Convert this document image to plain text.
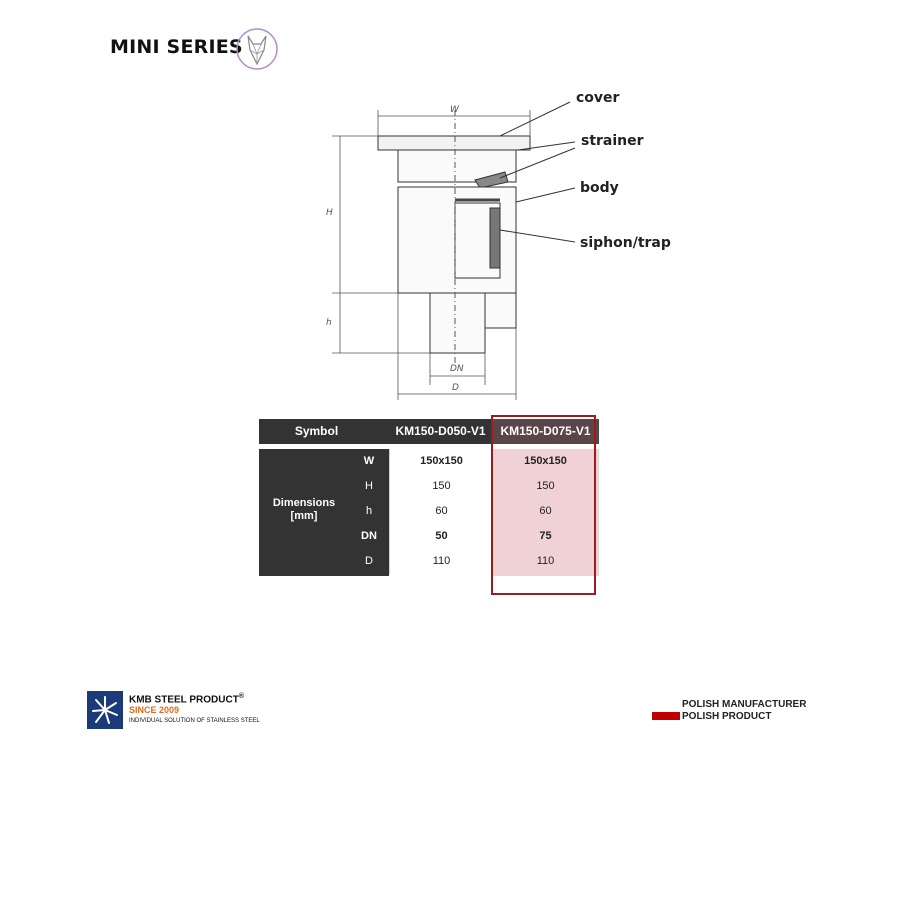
MINI SERIES
W
H
h
DN
D
cover
strainer
body
siphon/trap
Symbol	KM150-D050-V1	KM150-D075-V1
Dimensions [mm]
W	150x150	150x150
H	150	150
h	60	60
DN	50	75
D	110	110
KMB STEEL PRODUCT®
SINCE 2009
INDIVIDUAL SOLUTION OF STAINLESS STEEL
POLISH MANUFACTURER
POLISH PRODUCT
